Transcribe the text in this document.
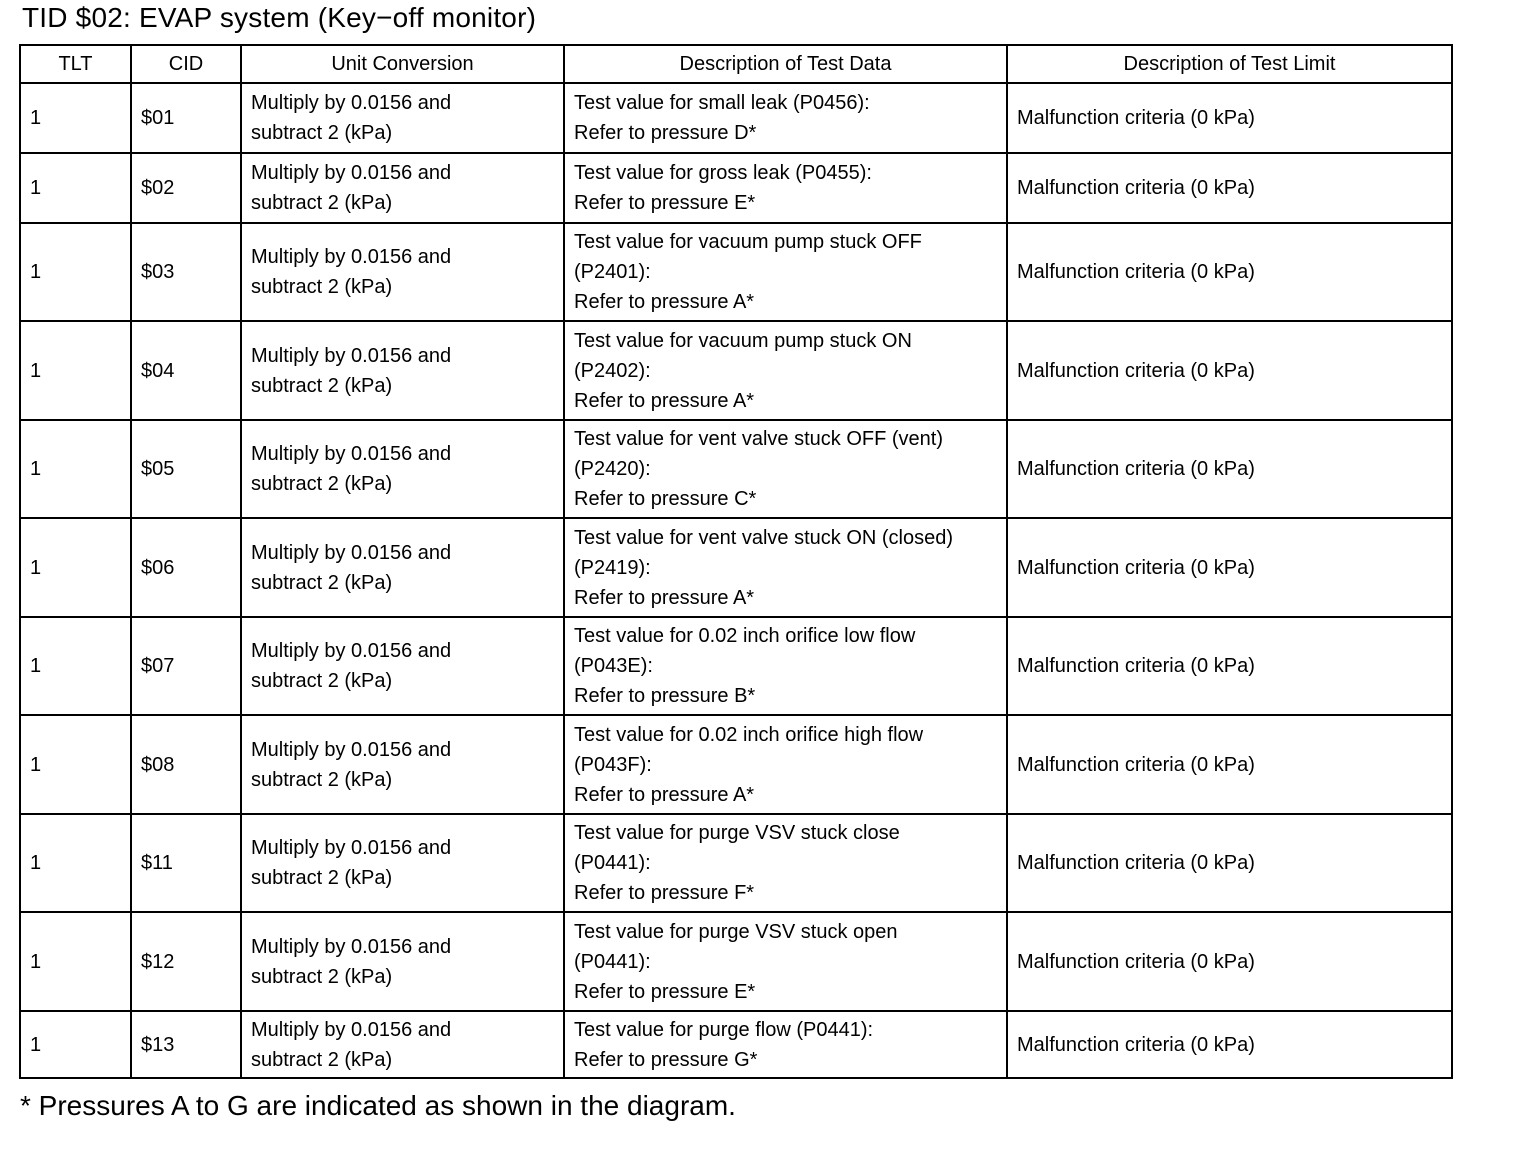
TID $02: EVAP system (Key−off monitor)
TLT	CID	Unit Conversion	Description of Test Data	Description of Test Limit
1	$01	Multiply by 0.0156 and
subtract 2 (kPa)	Test value for small leak (P0456):
Refer to pressure D*	Malfunction criteria (0 kPa)
1	$02	Multiply by 0.0156 and
subtract 2 (kPa)	Test value for gross leak (P0455):
Refer to pressure E*	Malfunction criteria (0 kPa)
1	$03	Multiply by 0.0156 and
subtract 2 (kPa)	Test value for vacuum pump stuck OFF
(P2401):
Refer to pressure A*	Malfunction criteria (0 kPa)
1	$04	Multiply by 0.0156 and
subtract 2 (kPa)	Test value for vacuum pump stuck ON
(P2402):
Refer to pressure A*	Malfunction criteria (0 kPa)
1	$05	Multiply by 0.0156 and
subtract 2 (kPa)	Test value for vent valve stuck OFF (vent)
(P2420):
Refer to pressure C*	Malfunction criteria (0 kPa)
1	$06	Multiply by 0.0156 and
subtract 2 (kPa)	Test value for vent valve stuck ON (closed)
(P2419):
Refer to pressure A*	Malfunction criteria (0 kPa)
1	$07	Multiply by 0.0156 and
subtract 2 (kPa)	Test value for 0.02 inch orifice low flow
(P043E):
Refer to pressure B*	Malfunction criteria (0 kPa)
1	$08	Multiply by 0.0156 and
subtract 2 (kPa)	Test value for 0.02 inch orifice high flow
(P043F):
Refer to pressure A*	Malfunction criteria (0 kPa)
1	$11	Multiply by 0.0156 and
subtract 2 (kPa)	Test value for purge VSV stuck close
(P0441):
Refer to pressure F*	Malfunction criteria (0 kPa)
1	$12	Multiply by 0.0156 and
subtract 2 (kPa)	Test value for purge VSV stuck open
(P0441):
Refer to pressure E*	Malfunction criteria (0 kPa)
1	$13	Multiply by 0.0156 and
subtract 2 (kPa)	Test value for purge flow (P0441):
Refer to pressure G*	Malfunction criteria (0 kPa)
* Pressures A to G are indicated as shown in the diagram.
